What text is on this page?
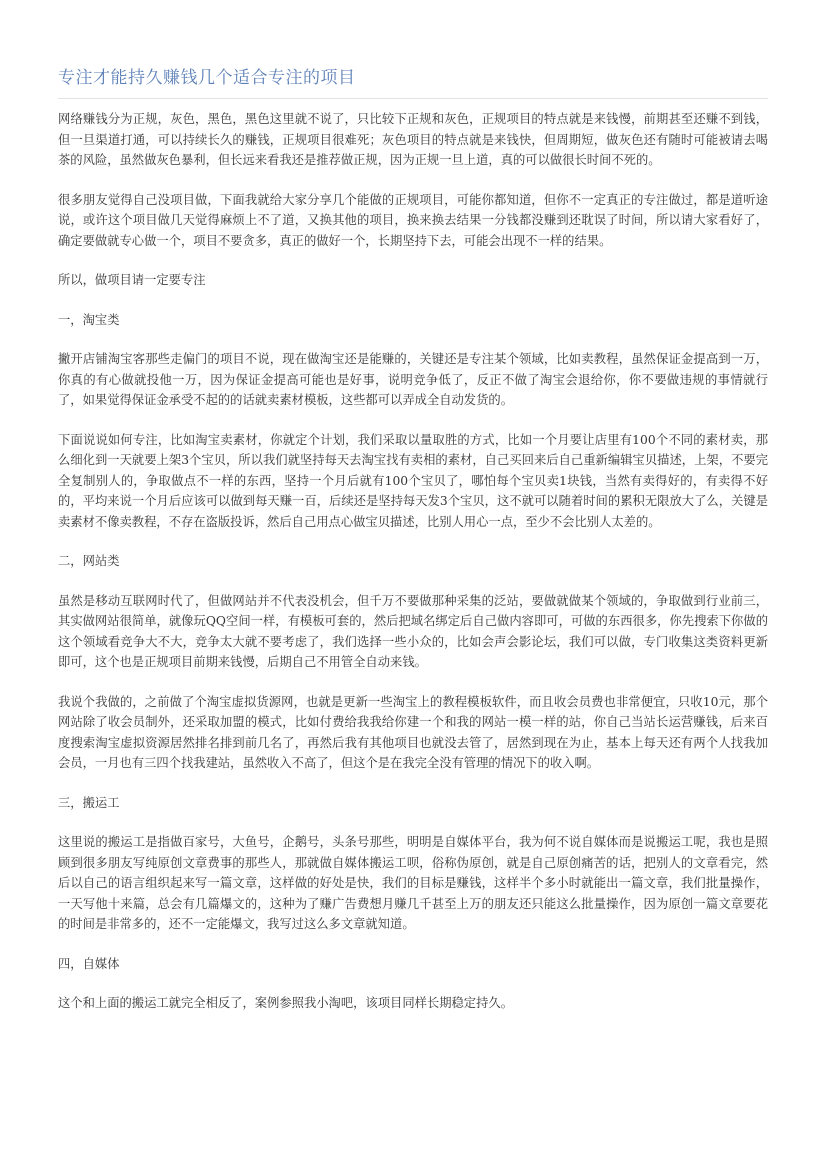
专注才能持久赚钱几个适合专注的项目

网络赚钱分为正规，灰色，黑色，黑色这里就不说了，只比较下正规和灰色，正规项目的特点就是来钱慢，前期甚至还赚不到钱，但一旦渠道打通，可以持续长久的赚钱，正规项目很难死；灰色项目的特点就是来钱快，但周期短，做灰色还有随时可能被请去喝茶的风险，虽然做灰色暴利，但长远来看我还是推荐做正规，因为正规一旦上道，真的可以做很长时间不死的。

很多朋友觉得自己没项目做，下面我就给大家分享几个能做的正规项目，可能你都知道，但你不一定真正的专注做过，都是道听途说，或许这个项目做几天觉得麻烦上不了道，又换其他的项目，换来换去结果一分钱都没赚到还耽误了时间，所以请大家看好了，确定要做就专心做一个，项目不要贪多，真正的做好一个，长期坚持下去，可能会出现不一样的结果。

所以，做项目请一定要专注

一，淘宝类

撇开店铺淘宝客那些走偏门的项目不说，现在做淘宝还是能赚的，关键还是专注某个领域，比如卖教程，虽然保证金提高到一万，你真的有心做就投他一万，因为保证金提高可能也是好事，说明竞争低了，反正不做了淘宝会退给你，你不要做违规的事情就行了，如果觉得保证金承受不起的的话就卖素材模板，这些都可以弄成全自动发货的。

下面说说如何专注，比如淘宝卖素材，你就定个计划，我们采取以量取胜的方式，比如一个月要让店里有100个不同的素材卖，那么细化到一天就要上架3个宝贝，所以我们就坚持每天去淘宝找有卖相的素材，自己买回来后自己重新编辑宝贝描述，上架，不要完全复制别人的，争取做点不一样的东西，坚持一个月后就有100个宝贝了，哪怕每个宝贝卖1块钱，当然有卖得好的，有卖得不好的，平均来说一个月后应该可以做到每天赚一百，后续还是坚持每天发3个宝贝，这不就可以随着时间的累积无限放大了么，关键是卖素材不像卖教程，不存在盗版投诉，然后自己用点心做宝贝描述，比别人用心一点，至少不会比别人太差的。

二，网站类

虽然是移动互联网时代了，但做网站并不代表没机会，但千万不要做那种采集的泛站，要做就做某个领域的，争取做到行业前三，其实做网站很简单，就像玩QQ空间一样，有模板可套的，然后把域名绑定后自己做内容即可，可做的东西很多，你先搜索下你做的这个领域看竞争大不大，竞争太大就不要考虑了，我们选择一些小众的，比如会声会影论坛，我们可以做，专门收集这类资料更新即可，这个也是正规项目前期来钱慢，后期自己不用管全自动来钱。

我说个我做的，之前做了个淘宝虚拟货源网，也就是更新一些淘宝上的教程模板软件，而且收会员费也非常便宜，只收10元，那个网站除了收会员制外，还采取加盟的模式，比如付费给我我给你建一个和我的网站一模一样的站，你自己当站长运营赚钱，后来百度搜索淘宝虚拟资源居然排名排到前几名了，再然后我有其他项目也就没去管了，居然到现在为止，基本上每天还有两个人找我加会员，一月也有三四个找我建站，虽然收入不高了，但这个是在我完全没有管理的情况下的收入啊。

三，搬运工

这里说的搬运工是指做百家号，大鱼号，企鹅号，头条号那些，明明是自媒体平台，我为何不说自媒体而是说搬运工呢，我也是照顾到很多朋友写纯原创文章费事的那些人，那就做自媒体搬运工呗，俗称伪原创，就是自己原创痛苦的话，把别人的文章看完，然后以自己的语言组织起来写一篇文章，这样做的好处是快，我们的目标是赚钱，这样半个多小时就能出一篇文章，我们批量操作，一天写他十来篇，总会有几篇爆文的，这种为了赚广告费想月赚几千甚至上万的朋友还只能这么批量操作，因为原创一篇文章要花的时间是非常多的，还不一定能爆文，我写过这么多文章就知道。

四，自媒体

这个和上面的搬运工就完全相反了，案例参照我小淘吧，该项目同样长期稳定持久。
